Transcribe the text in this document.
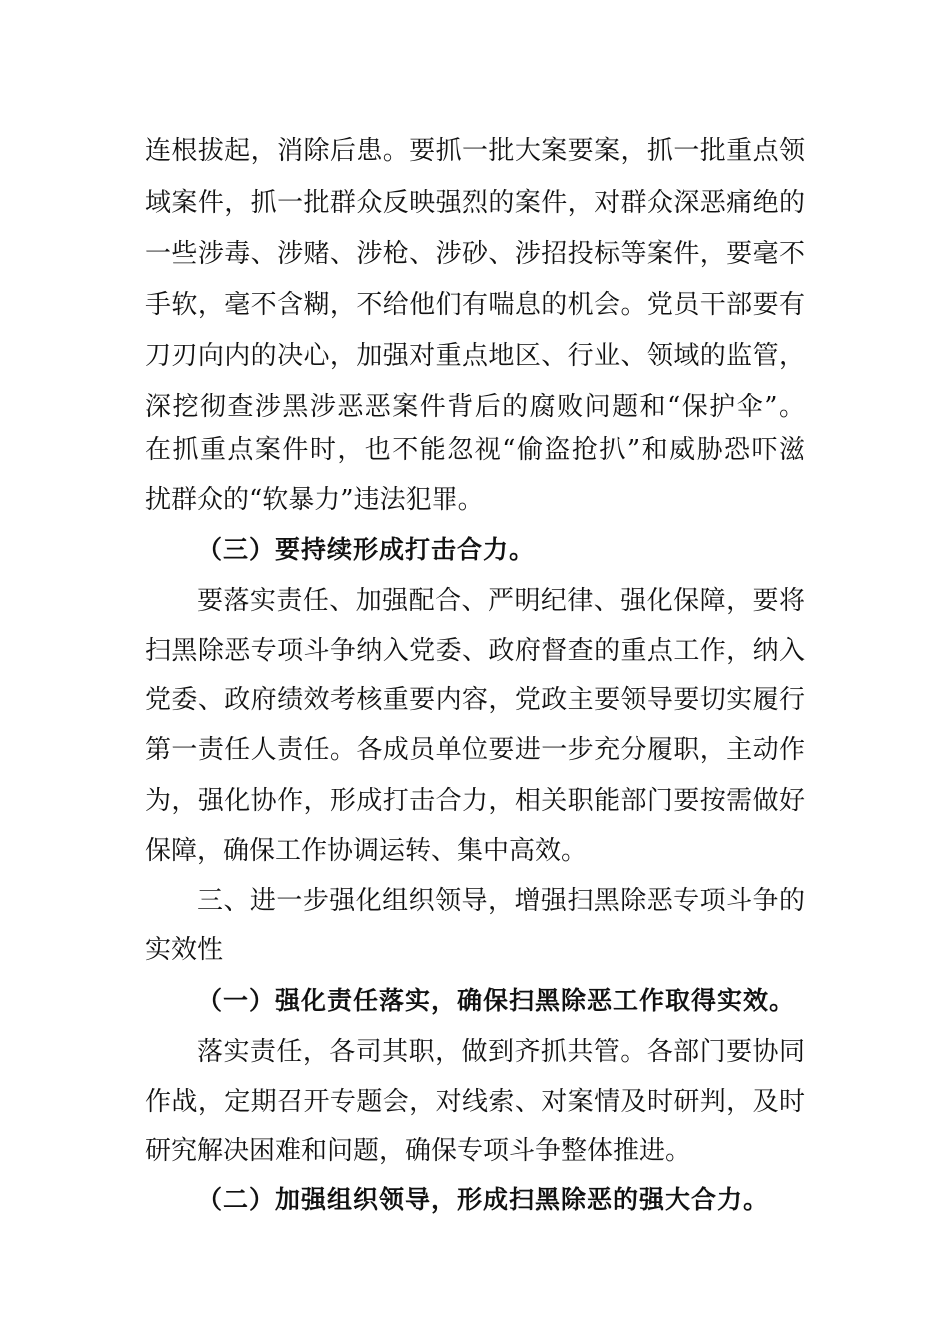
连根拔起，消除后患。要抓一批大案要案，抓一批重点领
域案件，抓一批群众反映强烈的案件，对群众深恶痛绝的
一些涉毒、涉赌、涉枪、涉砂、涉招投标等案件，要毫不
手软，毫不含糊，不给他们有喘息的机会。党员干部要有
刀刃向内的决心，加强对重点地区、行业、领域的监管，
深挖彻查涉黑涉恶恶案件背后的腐败问题和“保护伞”。
在抓重点案件时，也不能忽视“偷盗抢扒”和威胁恐吓滋
扰群众的“软暴力”违法犯罪。
（三）要持续形成打击合力。
要落实责任、加强配合、严明纪律、强化保障，要将
扫黑除恶专项斗争纳入党委、政府督查的重点工作，纳入
党委、政府绩效考核重要内容，党政主要领导要切实履行
第一责任人责任。各成员单位要进一步充分履职，主动作
为，强化协作，形成打击合力，相关职能部门要按需做好
保障，确保工作协调运转、集中高效。
三、进一步强化组织领导，增强扫黑除恶专项斗争的
实效性
（一）强化责任落实，确保扫黑除恶工作取得实效。
落实责任，各司其职，做到齐抓共管。各部门要协同
作战，定期召开专题会，对线索、对案情及时研判，及时
研究解决困难和问题，确保专项斗争整体推进。
（二）加强组织领导，形成扫黑除恶的强大合力。
